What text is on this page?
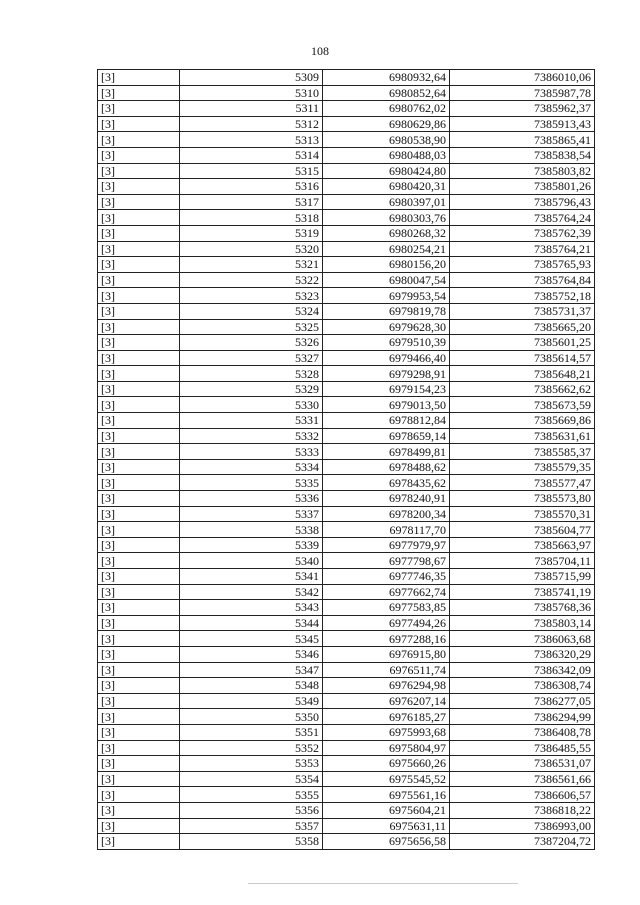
108
[3]	5309	6980932,64	7386010,06
[3]	5310	6980852,64	7385987,78
[3]	5311	6980762,02	7385962,37
[3]	5312	6980629,86	7385913,43
[3]	5313	6980538,90	7385865,41
[3]	5314	6980488,03	7385838,54
[3]	5315	6980424,80	7385803,82
[3]	5316	6980420,31	7385801,26
[3]	5317	6980397,01	7385796,43
[3]	5318	6980303,76	7385764,24
[3]	5319	6980268,32	7385762,39
[3]	5320	6980254,21	7385764,21
[3]	5321	6980156,20	7385765,93
[3]	5322	6980047,54	7385764,84
[3]	5323	6979953,54	7385752,18
[3]	5324	6979819,78	7385731,37
[3]	5325	6979628,30	7385665,20
[3]	5326	6979510,39	7385601,25
[3]	5327	6979466,40	7385614,57
[3]	5328	6979298,91	7385648,21
[3]	5329	6979154,23	7385662,62
[3]	5330	6979013,50	7385673,59
[3]	5331	6978812,84	7385669,86
[3]	5332	6978659,14	7385631,61
[3]	5333	6978499,81	7385585,37
[3]	5334	6978488,62	7385579,35
[3]	5335	6978435,62	7385577,47
[3]	5336	6978240,91	7385573,80
[3]	5337	6978200,34	7385570,31
[3]	5338	6978117,70	7385604,77
[3]	5339	6977979,97	7385663,97
[3]	5340	6977798,67	7385704,11
[3]	5341	6977746,35	7385715,99
[3]	5342	6977662,74	7385741,19
[3]	5343	6977583,85	7385768,36
[3]	5344	6977494,26	7385803,14
[3]	5345	6977288,16	7386063,68
[3]	5346	6976915,80	7386320,29
[3]	5347	6976511,74	7386342,09
[3]	5348	6976294,98	7386308,74
[3]	5349	6976207,14	7386277,05
[3]	5350	6976185,27	7386294,99
[3]	5351	6975993,68	7386408,78
[3]	5352	6975804,97	7386485,55
[3]	5353	6975660,26	7386531,07
[3]	5354	6975545,52	7386561,66
[3]	5355	6975561,16	7386606,57
[3]	5356	6975604,21	7386818,22
[3]	5357	6975631,11	7386993,00
[3]	5358	6975656,58	7387204,72
